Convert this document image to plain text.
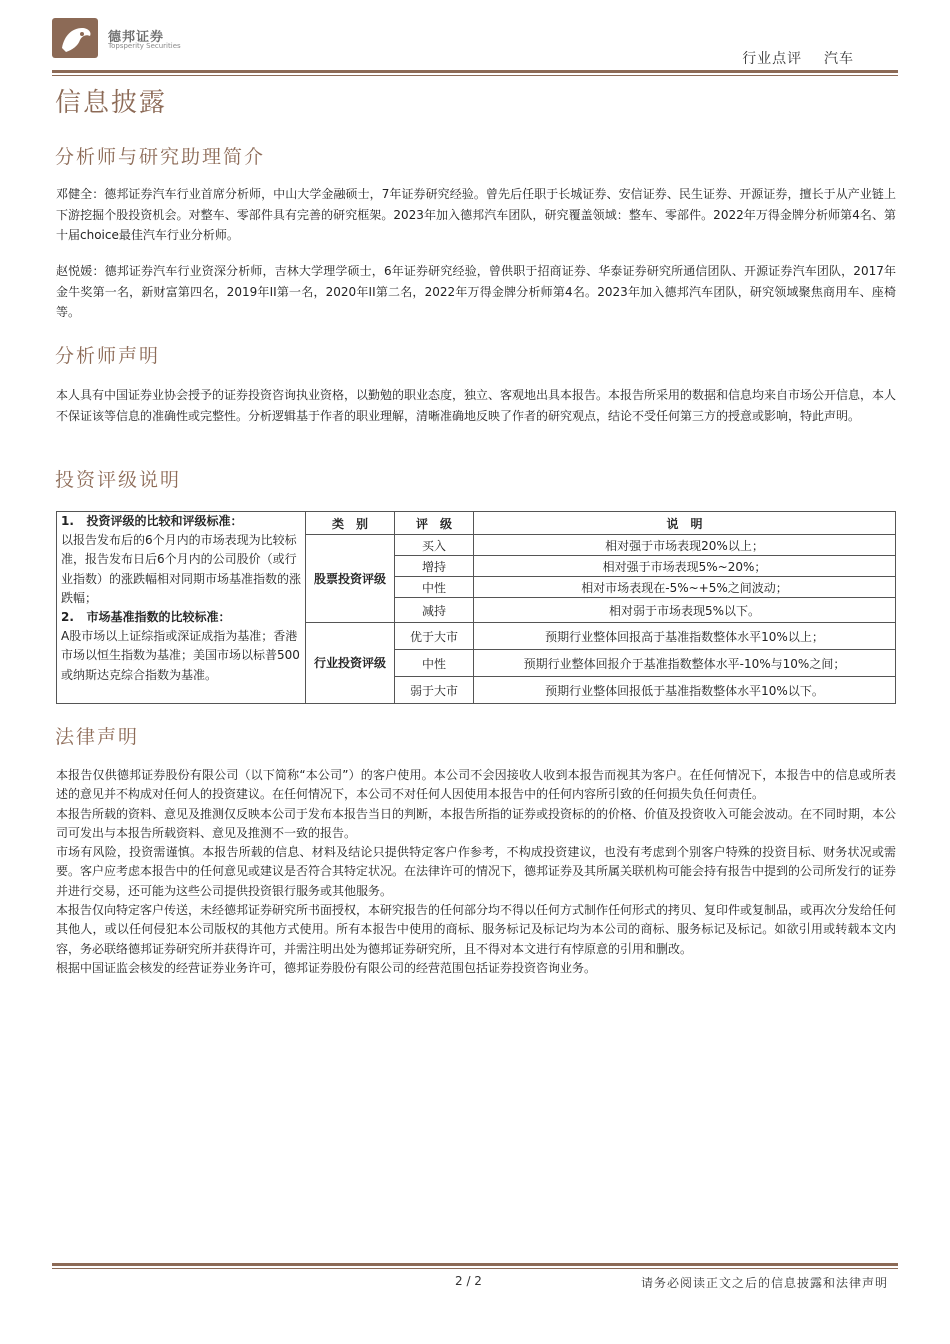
德邦证券
Topsperity Securities
行业点评    汽车
信息披露
分析师与研究助理简介
邓健全：德邦证券汽车行业首席分析师，中山大学金融硕士，7年证券研究经验。曾先后任职于长城证券、安信证券、民生证券、开源证券，擅长于从产业链上下游挖掘个股投资机会。对整车、零部件具有完善的研究框架。2023年加入德邦汽车团队，研究覆盖领域：整车、零部件。2022年万得金牌分析师第4名、第十届choice最佳汽车行业分析师。
赵悦媛：德邦证券汽车行业资深分析师，吉林大学理学硕士，6年证券研究经验，曾供职于招商证券、华泰证券研究所通信团队、开源证券汽车团队，2017年金牛奖第一名，新财富第四名，2019年II第一名，2020年II第二名，2022年万得金牌分析师第4名。2023年加入德邦汽车团队，研究领域聚焦商用车、座椅等。
分析师声明
本人具有中国证券业协会授予的证券投资咨询执业资格，以勤勉的职业态度，独立、客观地出具本报告。本报告所采用的数据和信息均来自市场公开信息，本人不保证该等信息的准确性或完整性。分析逻辑基于作者的职业理解，清晰准确地反映了作者的研究观点，结论不受任何第三方的授意或影响，特此声明。
投资评级说明
1.   投资评级的比较和评级标准：
以报告发布后的6个月内的市场表现为比较标准，报告发布日后6个月内的公司股价（或行业指数）的涨跌幅相对同期市场基准指数的涨跌幅；
2.   市场基准指数的比较标准：
A股市场以上证综指或深证成指为基准；香港市场以恒生指数为基准；美国市场以标普500或纳斯达克综合指数为基准。	类　别	评　级	说　明
	股票投资评级	买入	相对强于市场表现20%以上；
		增持	相对强于市场表现5%~20%；
		中性	相对市场表现在-5%~+5%之间波动；
		减持	相对弱于市场表现5%以下。
	行业投资评级	优于大市	预期行业整体回报高于基准指数整体水平10%以上；
		中性	预期行业整体回报介于基准指数整体水平-10%与10%之间；
		弱于大市	预期行业整体回报低于基准指数整体水平10%以下。
法律声明
本报告仅供德邦证券股份有限公司（以下简称“本公司”）的客户使用。本公司不会因接收人收到本报告而视其为客户。在任何情况下，本报告中的信息或所表述的意见并不构成对任何人的投资建议。在任何情况下，本公司不对任何人因使用本报告中的任何内容所引致的任何损失负任何责任。
本报告所载的资料、意见及推测仅反映本公司于发布本报告当日的判断，本报告所指的证券或投资标的的价格、价值及投资收入可能会波动。在不同时期，本公司可发出与本报告所载资料、意见及推测不一致的报告。
市场有风险，投资需谨慎。本报告所载的信息、材料及结论只提供特定客户作参考，不构成投资建议，也没有考虑到个别客户特殊的投资目标、财务状况或需要。客户应考虑本报告中的任何意见或建议是否符合其特定状况。在法律许可的情况下，德邦证券及其所属关联机构可能会持有报告中提到的公司所发行的证券并进行交易，还可能为这些公司提供投资银行服务或其他服务。
本报告仅向特定客户传送，未经德邦证券研究所书面授权，本研究报告的任何部分均不得以任何方式制作任何形式的拷贝、复印件或复制品，或再次分发给任何其他人，或以任何侵犯本公司版权的其他方式使用。所有本报告中使用的商标、服务标记及标记均为本公司的商标、服务标记及标记。如欲引用或转载本文内容，务必联络德邦证券研究所并获得许可，并需注明出处为德邦证券研究所，且不得对本文进行有悖原意的引用和删改。
根据中国证监会核发的经营证券业务许可，德邦证券股份有限公司的经营范围包括证券投资咨询业务。
2 / 2	请务必阅读正文之后的信息披露和法律声明
